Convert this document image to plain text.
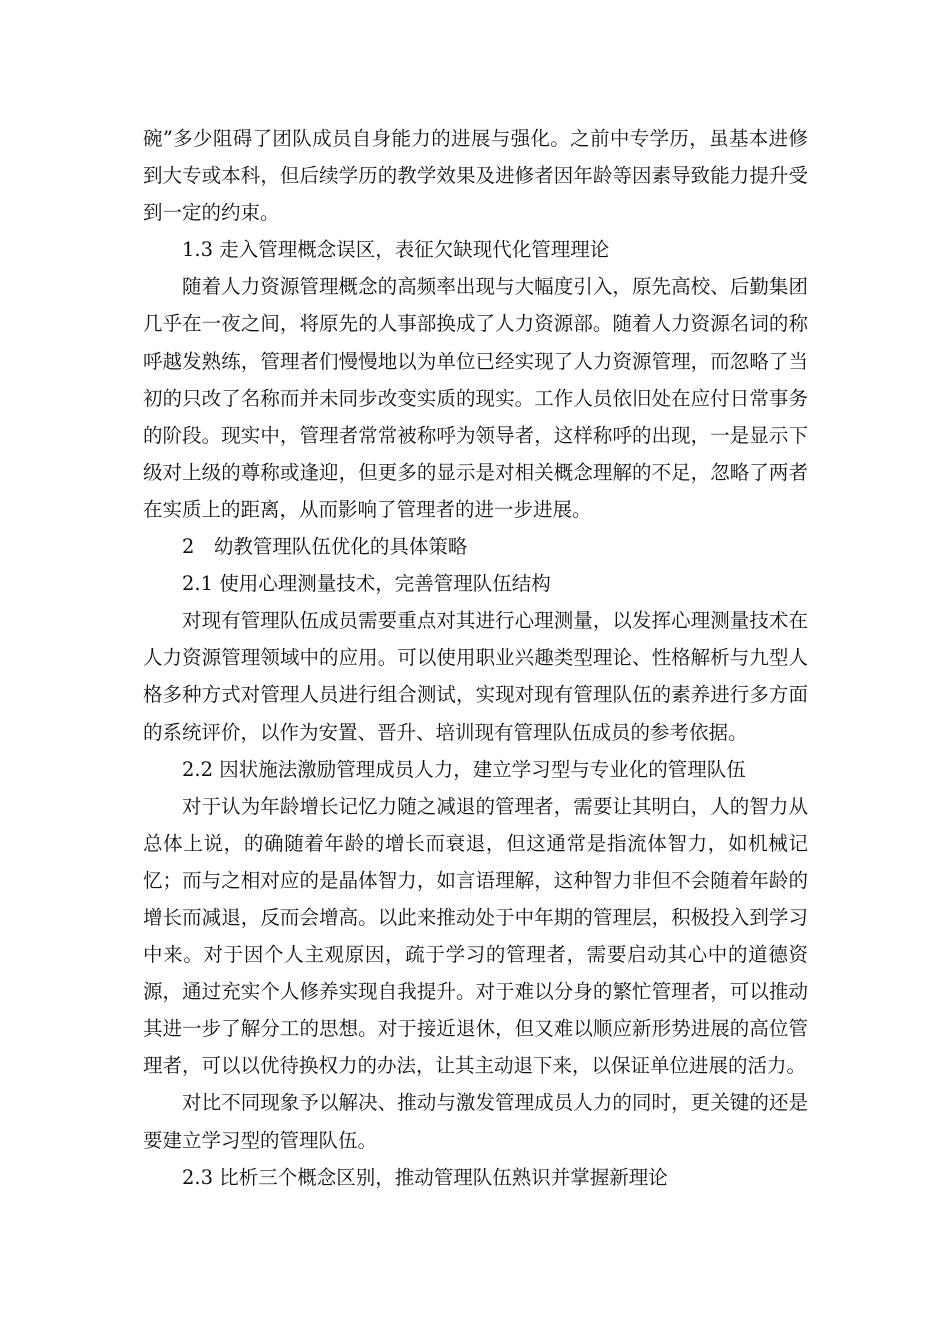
碗”多少阻碍了团队成员自身能力的进展与强化。之前中专学历，虽基本进修到大专或本科，但后续学历的教学效果及进修者因年龄等因素导致能力提升受到一定的约束。

1.3 走入管理概念误区，表征欠缺现代化管理理论

随着人力资源管理概念的高频率出现与大幅度引入，原先高校、后勤集团几乎在一夜之间，将原先的人事部换成了人力资源部。随着人力资源名词的称呼越发熟练，管理者们慢慢地以为单位已经实现了人力资源管理，而忽略了当初的只改了名称而并未同步改变实质的现实。工作人员依旧处在应付日常事务的阶段。现实中，管理者常常被称呼为领导者，这样称呼的出现，一是显示下级对上级的尊称或逢迎，但更多的显示是对相关概念理解的不足，忽略了两者在实质上的距离，从而影响了管理者的进一步进展。

2　幼教管理队伍优化的具体策略

2.1 使用心理测量技术，完善管理队伍结构

对现有管理队伍成员需要重点对其进行心理测量，以发挥心理测量技术在人力资源管理领域中的应用。可以使用职业兴趣类型理论、性格解析与九型人格多种方式对管理人员进行组合测试，实现对现有管理队伍的素养进行多方面的系统评价，以作为安置、晋升、培训现有管理队伍成员的参考依据。

2.2 因状施法激励管理成员人力，建立学习型与专业化的管理队伍

对于认为年龄增长记忆力随之减退的管理者，需要让其明白，人的智力从总体上说，的确随着年龄的增长而衰退，但这通常是指流体智力，如机械记忆；而与之相对应的是晶体智力，如言语理解，这种智力非但不会随着年龄的增长而减退，反而会增高。以此来推动处于中年期的管理层，积极投入到学习中来。对于因个人主观原因，疏于学习的管理者，需要启动其心中的道德资源，通过充实个人修养实现自我提升。对于难以分身的繁忙管理者，可以推动其进一步了解分工的思想。对于接近退休，但又难以顺应新形势进展的高位管理者，可以以优待换权力的办法，让其主动退下来，以保证单位进展的活力。

对比不同现象予以解决、推动与激发管理成员人力的同时，更关键的还是要建立学习型的管理队伍。

2.3 比析三个概念区别，推动管理队伍熟识并掌握新理论
